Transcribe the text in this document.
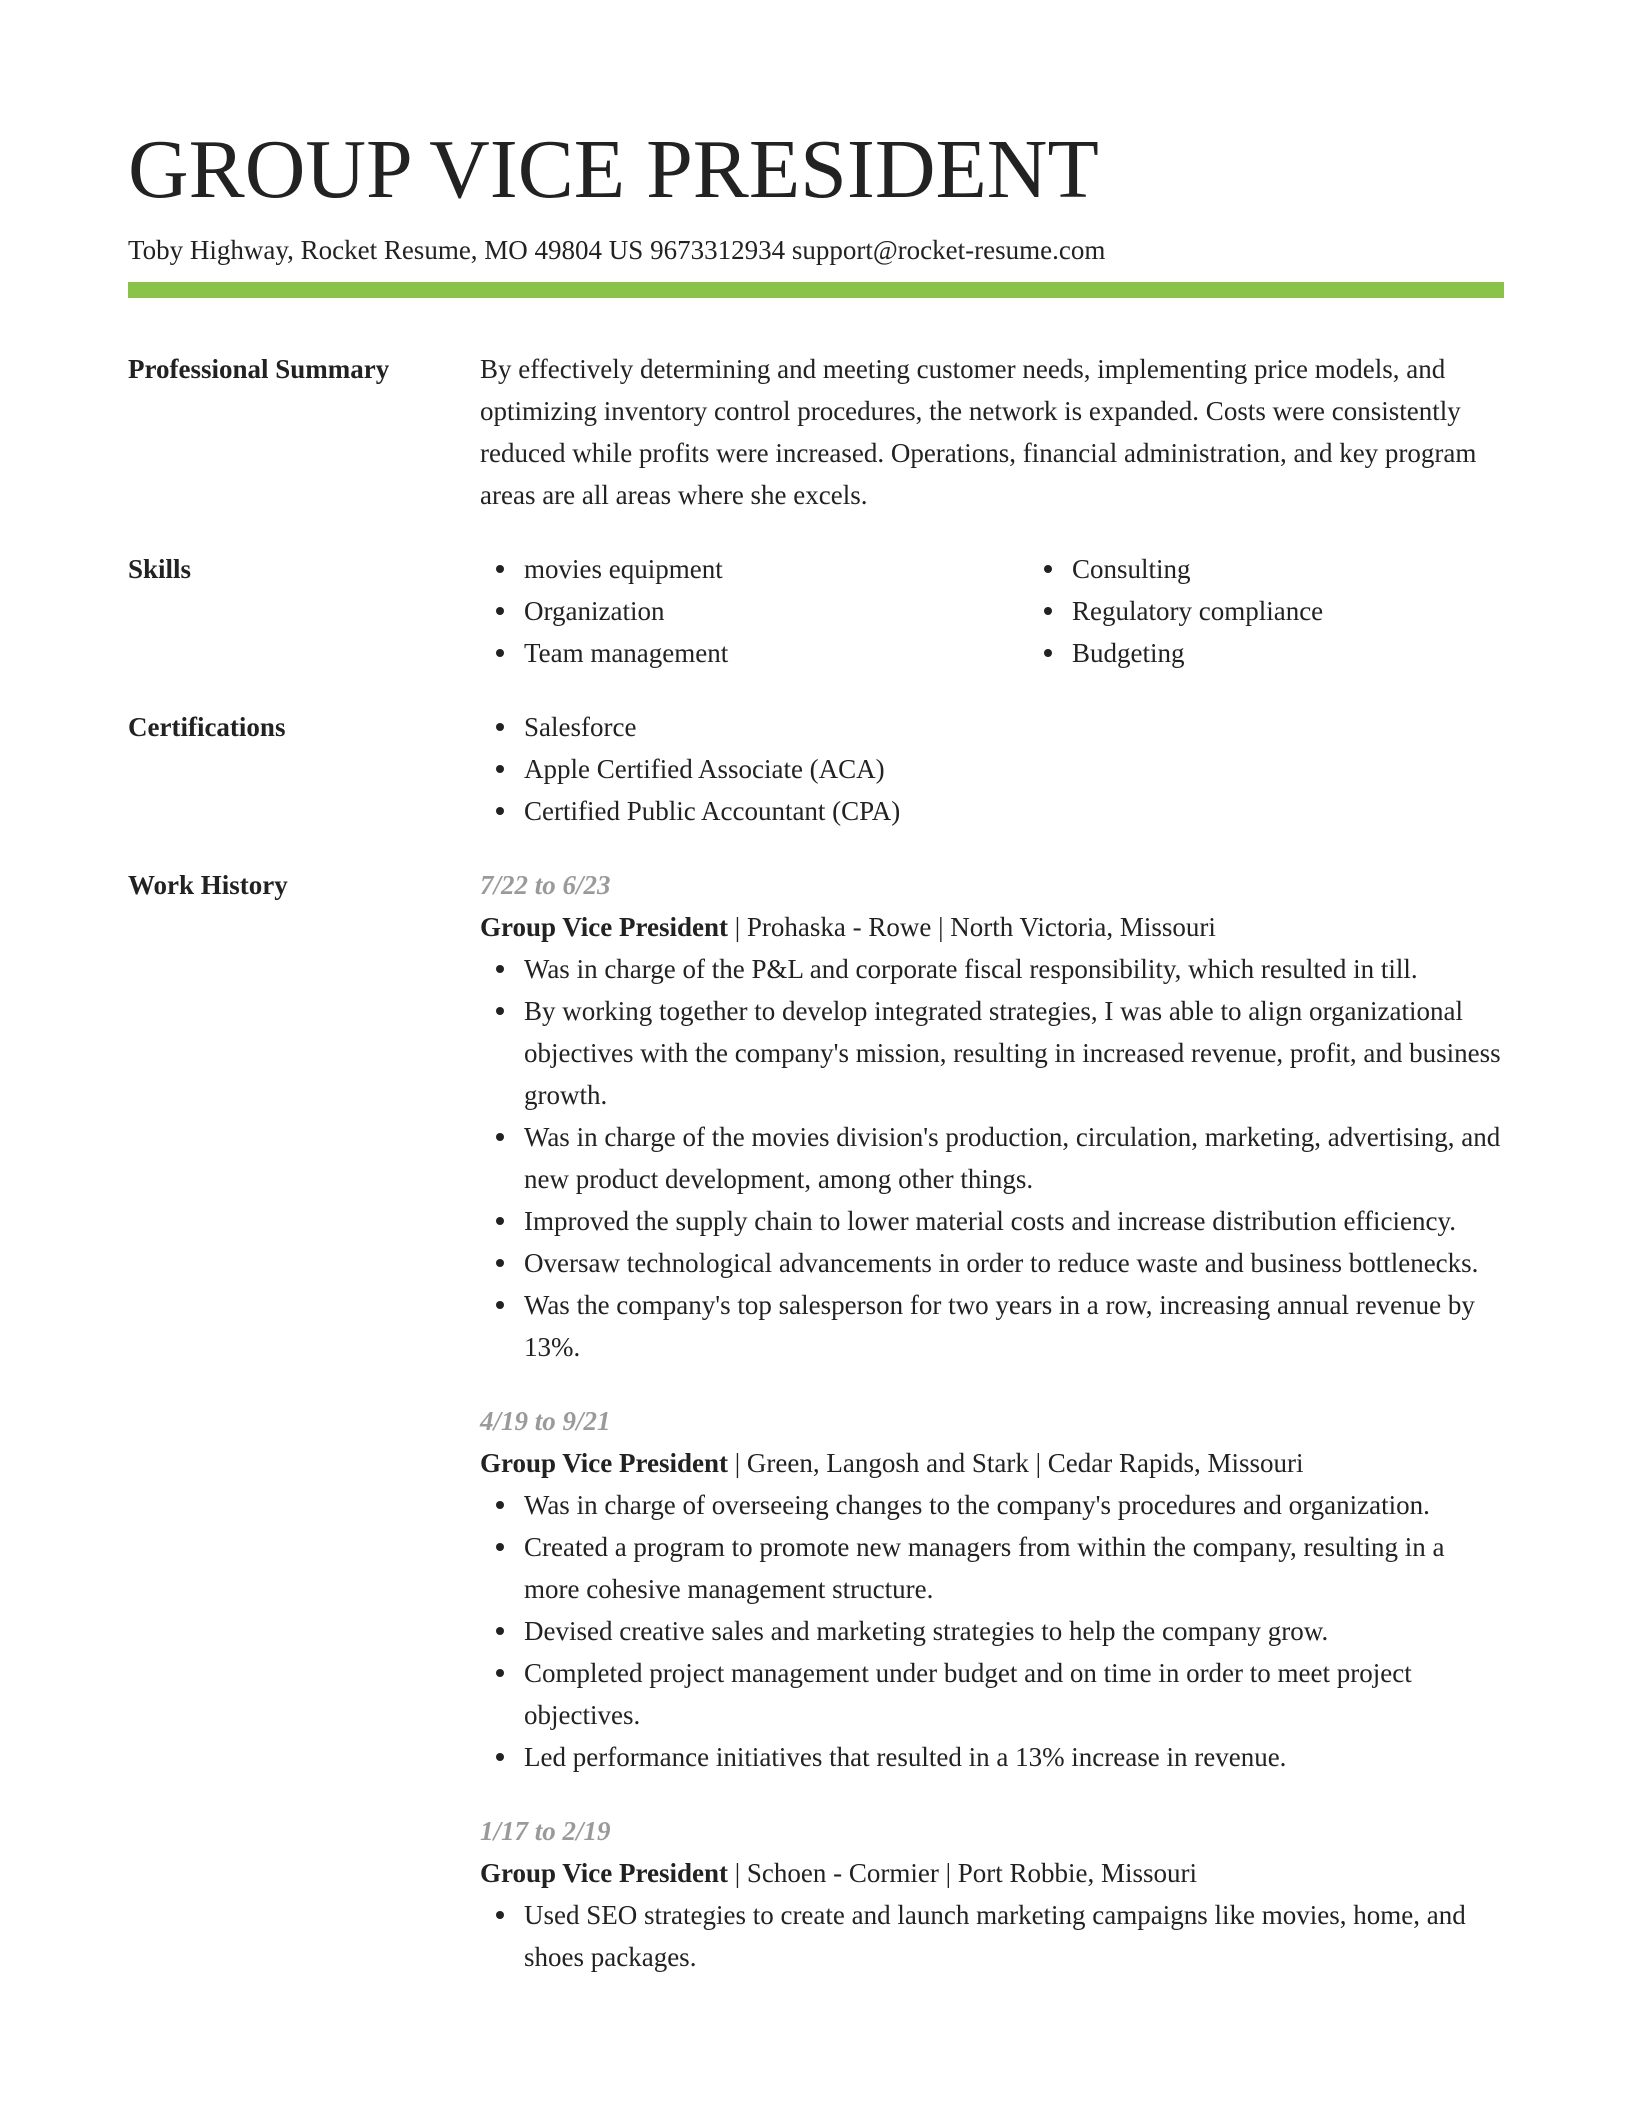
GROUP VICE PRESIDENT
Toby Highway, Rocket Resume, MO 49804 US 9673312934 support@rocket-resume.com
Professional Summary	By effectively determining and meeting customer needs, implementing price models, and optimizing inventory control procedures, the network is expanded. Costs were consistently reduced while profits were increased. Operations, financial administration, and key program areas are all areas where she excels.
Skills	movies equipment
Organization
Team management
Consulting
Regulatory compliance
Budgeting
Certifications	Salesforce
Apple Certified Associate (ACA)
Certified Public Accountant (CPA)
Work History	7/22 to 6/23
Group Vice President | Prohaska - Rowe | North Victoria, Missouri
Was in charge of the P&L and corporate fiscal responsibility, which resulted in till.
By working together to develop integrated strategies, I was able to align organizational objectives with the company's mission, resulting in increased revenue, profit, and business growth.
Was in charge of the movies division's production, circulation, marketing, advertising, and new product development, among other things.
Improved the supply chain to lower material costs and increase distribution efficiency.
Oversaw technological advancements in order to reduce waste and business bottlenecks.
Was the company's top salesperson for two years in a row, increasing annual revenue by 13%.
4/19 to 9/21
Group Vice President | Green, Langosh and Stark | Cedar Rapids, Missouri
Was in charge of overseeing changes to the company's procedures and organization.
Created a program to promote new managers from within the company, resulting in a more cohesive management structure.
Devised creative sales and marketing strategies to help the company grow.
Completed project management under budget and on time in order to meet project objectives.
Led performance initiatives that resulted in a 13% increase in revenue.
1/17 to 2/19
Group Vice President | Schoen - Cormier | Port Robbie, Missouri
Used SEO strategies to create and launch marketing campaigns like movies, home, and shoes packages.
